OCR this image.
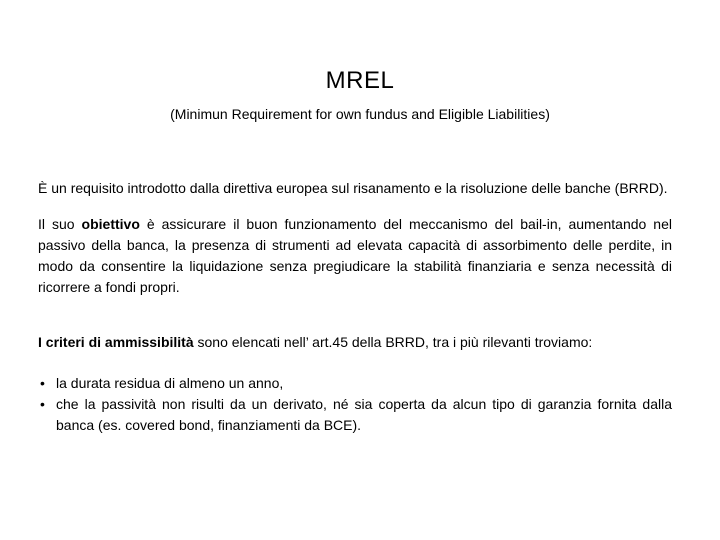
MREL
(Minimun Requirement for own fundus and Eligible Liabilities)

È un requisito introdotto dalla direttiva europea sul risanamento e la risoluzione delle banche (BRRD).

Il suo obiettivo è assicurare il buon funzionamento del meccanismo del bail-in, aumentando nel passivo della banca, la presenza di strumenti ad elevata capacità di assorbimento delle perdite, in modo da consentire la liquidazione senza pregiudicare la stabilità finanziaria e senza necessità di ricorrere a fondi propri.

I criteri di ammissibilità sono elencati nell’ art.45 della BRRD, tra i più rilevanti troviamo:

• la durata residua di almeno un anno,
• che la passività non risulti da un derivato, né sia coperta da alcun tipo di garanzia fornita dalla banca (es. covered bond, finanziamenti da BCE).
